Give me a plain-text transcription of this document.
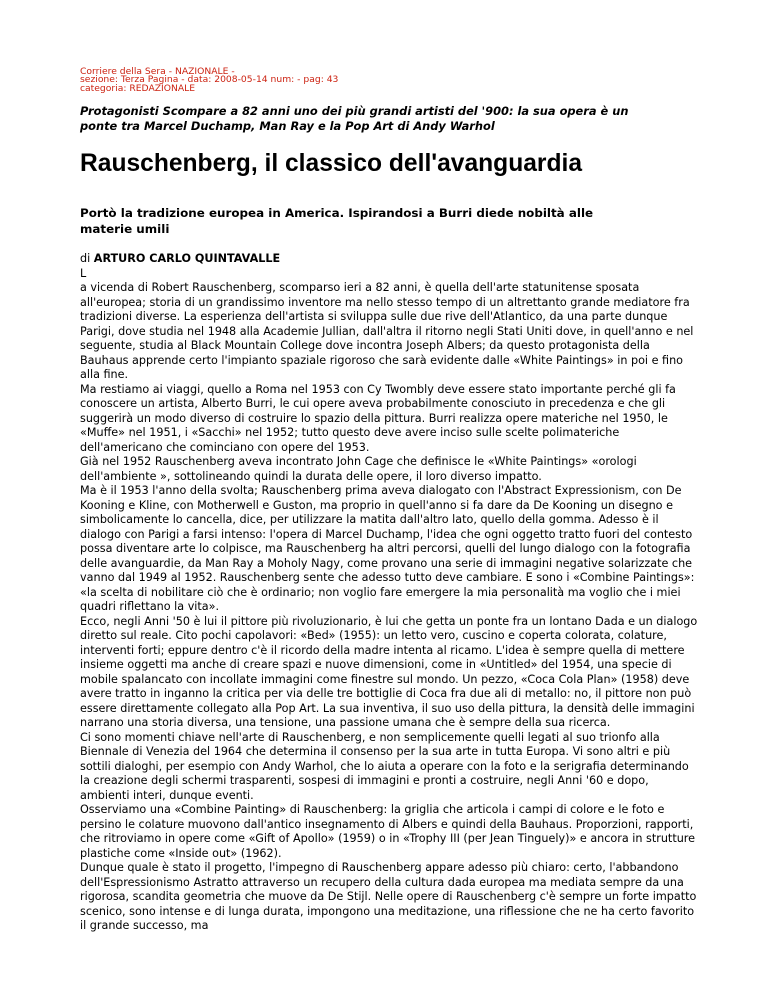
Corriere della Sera - NAZIONALE -
sezione: Terza Pagina - data: 2008-05-14 num: - pag: 43
categoria: REDAZIONALE
Protagonisti Scompare a 82 anni uno dei più grandi artisti del '900: la sua opera è un ponte tra Marcel Duchamp, Man Ray e la Pop Art di Andy Warhol
Rauschenberg, il classico dell'avanguardia
Portò la tradizione europea in America. Ispirandosi a Burri diede nobiltà alle materie umili
di ARTURO CARLO QUINTAVALLE
L

a vicenda di Robert Rauschenberg, scomparso ieri a 82 anni, è quella dell'arte statunitense sposata all'europea; storia di un grandissimo inventore ma nello stesso tempo di un altrettanto grande mediatore fra tradizioni diverse. La esperienza dell'artista si sviluppa sulle due rive dell'Atlantico, da una parte dunque Parigi, dove studia nel 1948 alla Academie Jullian, dall'altra il ritorno negli Stati Uniti dove, in quell'anno e nel seguente, studia al Black Mountain College dove incontra Joseph Albers; da questo protagonista della Bauhaus apprende certo l'impianto spaziale rigoroso che sarà evidente dalle «White Paintings» in poi e fino alla fine.

Ma restiamo ai viaggi, quello a Roma nel 1953 con Cy Twombly deve essere stato importante perché gli fa conoscere un artista, Alberto Burri, le cui opere aveva probabilmente conosciuto in precedenza e che gli suggerirà un modo diverso di costruire lo spazio della pittura. Burri realizza opere materiche nel 1950, le «Muffe» nel 1951, i «Sacchi» nel 1952; tutto questo deve avere inciso sulle scelte polimateriche dell'americano che cominciano con opere del 1953.

Già nel 1952 Rauschenberg aveva incontrato John Cage che definisce le «White Paintings» «orologi dell'ambiente », sottolineando quindi la durata delle opere, il loro diverso impatto.

Ma è il 1953 l'anno della svolta; Rauschenberg prima aveva dialogato con l'Abstract Expressionism, con De Kooning e Kline, con Motherwell e Guston, ma proprio in quell'anno si fa dare da De Kooning un disegno e simbolicamente lo cancella, dice, per utilizzare la matita dall'altro lato, quello della gomma. Adesso è il dialogo con Parigi a farsi intenso: l'opera di Marcel Duchamp, l'idea che ogni oggetto tratto fuori del contesto possa diventare arte lo colpisce, ma Rauschenberg ha altri percorsi, quelli del lungo dialogo con la fotografia delle avanguardie, da Man Ray a Moholy Nagy, come provano una serie di immagini negative solarizzate che vanno dal 1949 al 1952. Rauschenberg sente che adesso tutto deve cambiare. E sono i «Combine Paintings»: «la scelta di nobilitare ciò che è ordinario; non voglio fare emergere la mia personalità ma voglio che i miei quadri riflettano la vita».

Ecco, negli Anni '50 è lui il pittore più rivoluzionario, è lui che getta un ponte fra un lontano Dada e un dialogo diretto sul reale. Cito pochi capolavori: «Bed» (1955): un letto vero, cuscino e coperta colorata, colature, interventi forti; eppure dentro c'è il ricordo della madre intenta al ricamo. L'idea è sempre quella di mettere insieme oggetti ma anche di creare spazi e nuove dimensioni, come in «Untitled» del 1954, una specie di mobile spalancato con incollate immagini come finestre sul mondo. Un pezzo, «Coca Cola Plan» (1958) deve avere tratto in inganno la critica per via delle tre bottiglie di Coca fra due ali di metallo: no, il pittore non può essere direttamente collegato alla Pop Art. La sua inventiva, il suo uso della pittura, la densità delle immagini narrano una storia diversa, una tensione, una passione umana che è sempre della sua ricerca.

Ci sono momenti chiave nell'arte di Rauschenberg, e non semplicemente quelli legati al suo trionfo alla Biennale di Venezia del 1964 che determina il consenso per la sua arte in tutta Europa. Vi sono altri e più sottili dialoghi, per esempio con Andy Warhol, che lo aiuta a operare con la foto e la serigrafia determinando la creazione degli schermi trasparenti, sospesi di immagini e pronti a costruire, negli Anni '60 e dopo, ambienti interi, dunque eventi.

Osserviamo una «Combine Painting» di Rauschenberg: la griglia che articola i campi di colore e le foto e persino le colature muovono dall'antico insegnamento di Albers e quindi della Bauhaus. Proporzioni, rapporti, che ritroviamo in opere come «Gift of Apollo» (1959) o in «Trophy III (per Jean Tinguely)» e ancora in strutture plastiche come «Inside out» (1962).

Dunque quale è stato il progetto, l'impegno di Rauschenberg appare adesso più chiaro: certo, l'abbandono dell'Espressionismo Astratto attraverso un recupero della cultura dada europea ma mediata sempre da una rigorosa, scandita geometria che muove da De Stijl. Nelle opere di Rauschenberg c'è sempre un forte impatto scenico, sono intense e di lunga durata, impongono una meditazione, una riflessione che ne ha certo favorito il grande successo, ma
